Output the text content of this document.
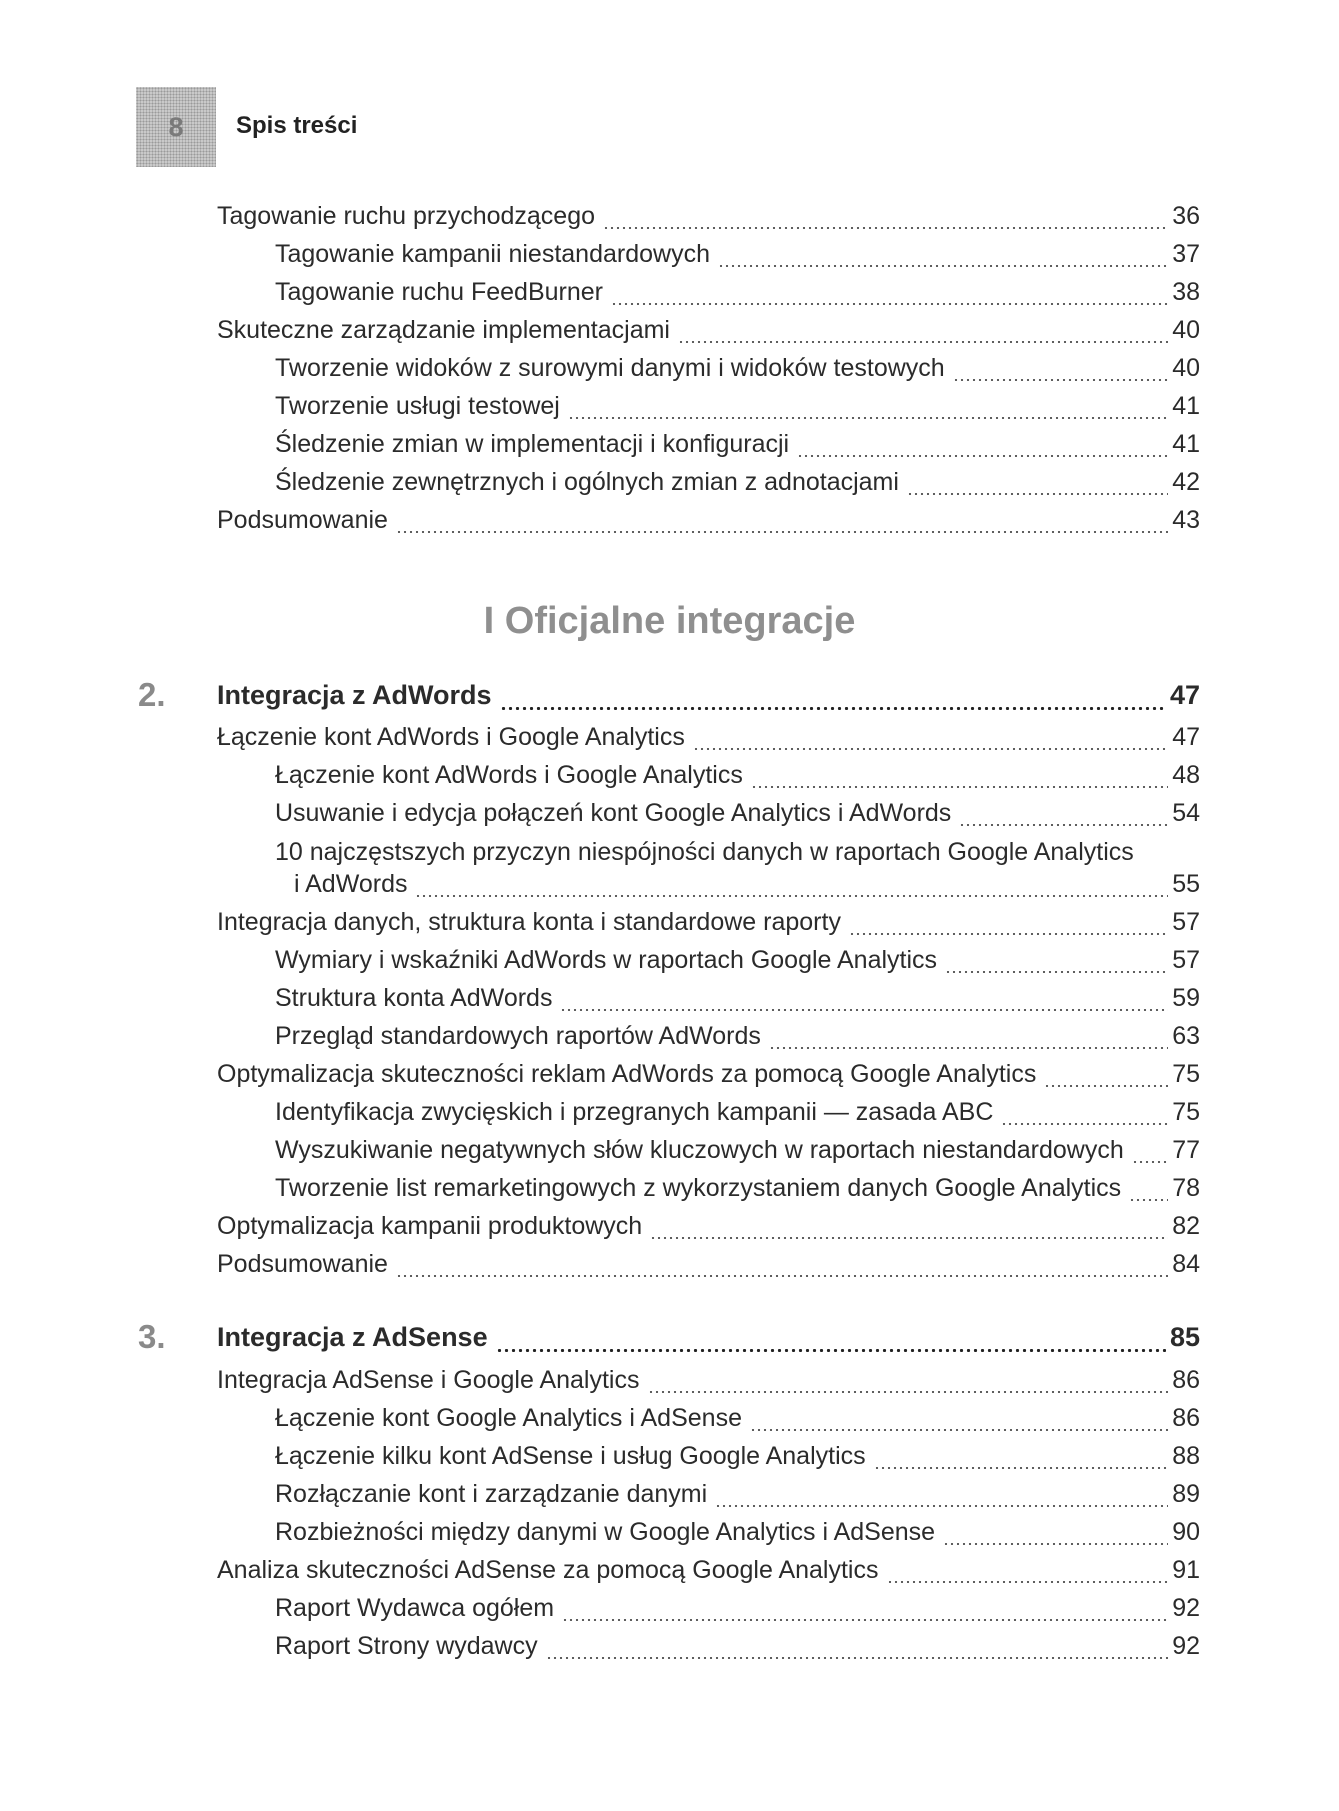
8 Spis treści
Tagowanie ruchu przychodzącego	36
Tagowanie kampanii niestandardowych	37
Tagowanie ruchu FeedBurner	38
Skuteczne zarządzanie implementacjami	40
Tworzenie widoków z surowymi danymi i widoków testowych	40
Tworzenie usługi testowej	41
Śledzenie zmian w implementacji i konfiguracji	41
Śledzenie zewnętrznych i ogólnych zmian z adnotacjami	42
Podsumowanie	43
I Oficjalne integracje
2. Integracja z AdWords	47
Łączenie kont AdWords i Google Analytics	47
Łączenie kont AdWords i Google Analytics	48
Usuwanie i edycja połączeń kont Google Analytics i AdWords	54
10 najczęstszych przyczyn niespójności danych w raportach Google Analytics
i AdWords	55
Integracja danych, struktura konta i standardowe raporty	57
Wymiary i wskaźniki AdWords w raportach Google Analytics	57
Struktura konta AdWords	59
Przegląd standardowych raportów AdWords	63
Optymalizacja skuteczności reklam AdWords za pomocą Google Analytics	75
Identyfikacja zwycięskich i przegranych kampanii — zasada ABC	75
Wyszukiwanie negatywnych słów kluczowych w raportach niestandardowych	77
Tworzenie list remarketingowych z wykorzystaniem danych Google Analytics	78
Optymalizacja kampanii produktowych	82
Podsumowanie	84
3. Integracja z AdSense	85
Integracja AdSense i Google Analytics	86
Łączenie kont Google Analytics i AdSense	86
Łączenie kilku kont AdSense i usług Google Analytics	88
Rozłączanie kont i zarządzanie danymi	89
Rozbieżności między danymi w Google Analytics i AdSense	90
Analiza skuteczności AdSense za pomocą Google Analytics	91
Raport Wydawca ogółem	92
Raport Strony wydawcy	92
